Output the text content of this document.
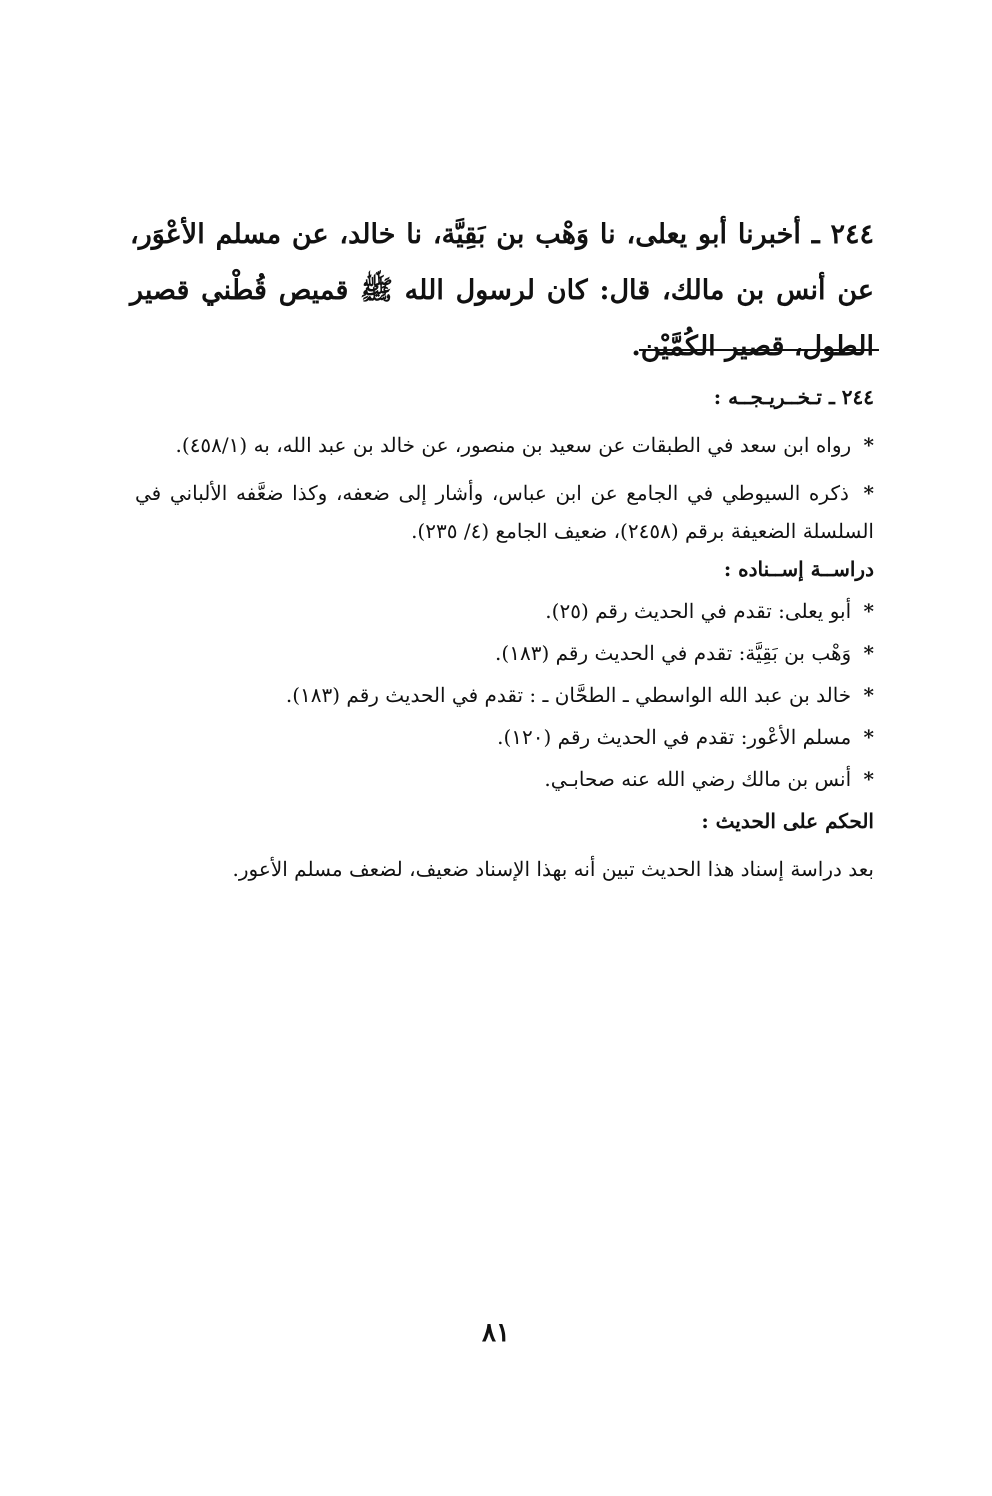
٢٤٤ ـ أخبرنا أبو يعلى، نا وَهْب بن بَقِيَّة، نا خالد، عن مسلم الأعْوَر، عن أنس بن مالك، قال: كان لرسول الله ﷺ قميص قُطْني قصير الطول، قصير الكُمَّيْن.

٢٤٤ ـ تـخــريـجــه :

* رواه ابن سعد في الطبقات عن سعيد بن منصور، عن خالد بن عبد الله، به (٤٥٨/١).

* ذكره السيوطي في الجامع عن ابن عباس، وأشار إلى ضعفه، وكذا ضعَّفه الألباني في السلسلة الضعيفة برقم (٢٤٥٨)، ضعيف الجامع (٤/ ٢٣٥).

دراســة إســناده :

* أبو يعلى: تقدم في الحديث رقم (٢٥).

* وَهْب بن بَقِيَّة: تقدم في الحديث رقم (١٨٣).

* خالد بن عبد الله الواسطي ـ الطحَّان ـ : تقدم في الحديث رقم (١٨٣).

* مسلم الأعْور: تقدم في الحديث رقم (١٢٠).

* أنس بن مالك رضي الله عنه صحابـي.

الحكم على الحديث :

بعد دراسة إسناد هذا الحديث تبين أنه بهذا الإسناد ضعيف، لضعف مسلم الأعور.

٨١
